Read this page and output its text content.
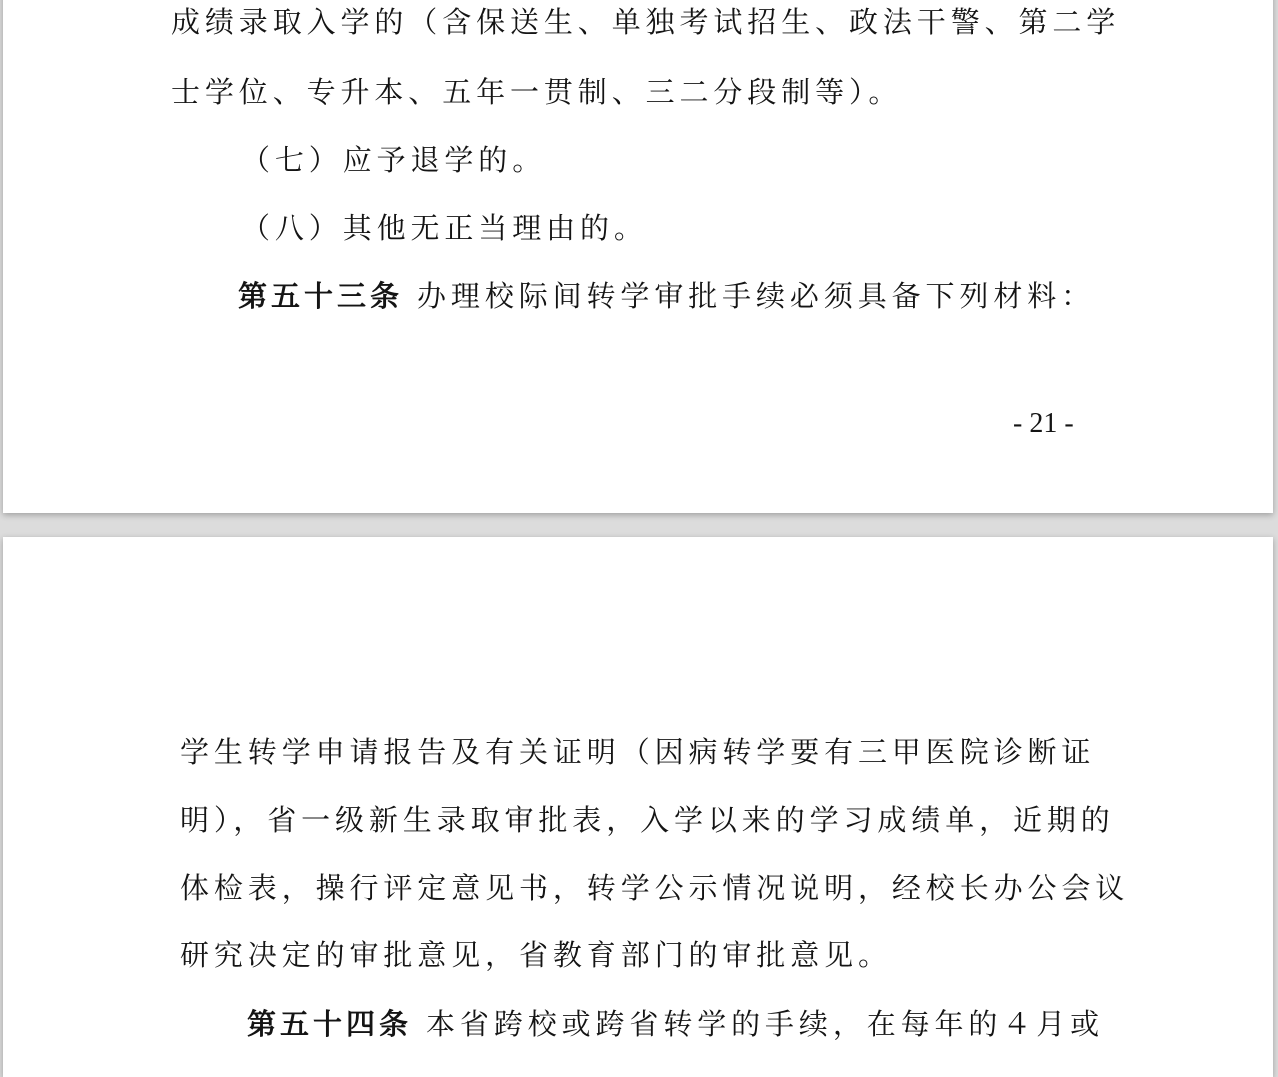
成绩录取入学的（含保送生、单独考试招生、政法干警、第二学

士学位、专升本、五年一贯制、三二分段制等）。

（七）应予退学的。

（八）其他无正当理由的。

第五十三条 办理校际间转学审批手续必须具备下列材料：

- 21 -

学生转学申请报告及有关证明（因病转学要有三甲医院诊断证

明），省一级新生录取审批表，入学以来的学习成绩单，近期的

体检表，操行评定意见书，转学公示情况说明，经校长办公会议

研究决定的审批意见，省教育部门的审批意见。

第五十四条 本省跨校或跨省转学的手续，在每年的４月或
